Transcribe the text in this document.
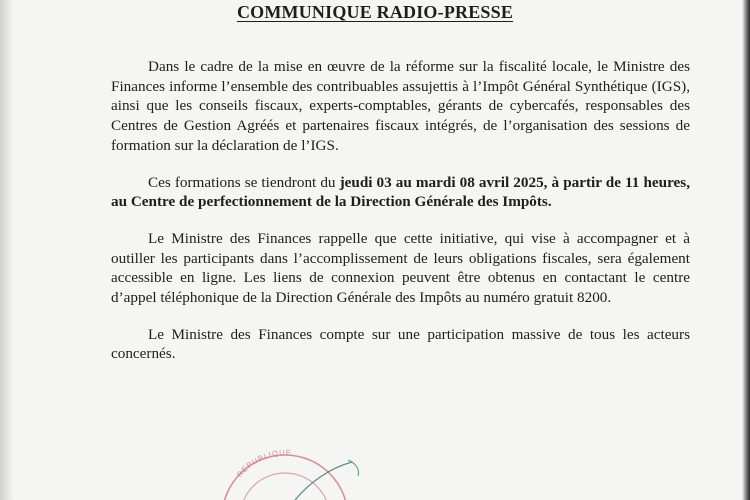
COMMUNIQUE RADIO-PRESSE

Dans le cadre de la mise en œuvre de la réforme sur la fiscalité locale, le Ministre des Finances informe l’ensemble des contribuables assujettis à l’Impôt Général Synthétique (IGS), ainsi que les conseils fiscaux, experts-comptables, gérants de cybercafés, responsables des Centres de Gestion Agréés et partenaires fiscaux intégrés, de l’organisation des sessions de formation sur la déclaration de l’IGS.

Ces formations se tiendront du jeudi 03 au mardi 08 avril 2025, à partir de 11 heures, au Centre de perfectionnement de la Direction Générale des Impôts.

Le Ministre des Finances rappelle que cette initiative, qui vise à accompagner et à outiller les participants dans l’accomplissement de leurs obligations fiscales, sera également accessible en ligne. Les liens de connexion peuvent être obtenus en contactant le centre d’appel téléphonique de la Direction Générale des Impôts au numéro gratuit 8200.

Le Ministre des Finances compte sur une participation massive de tous les acteurs concernés.

REPUBLIQUE
